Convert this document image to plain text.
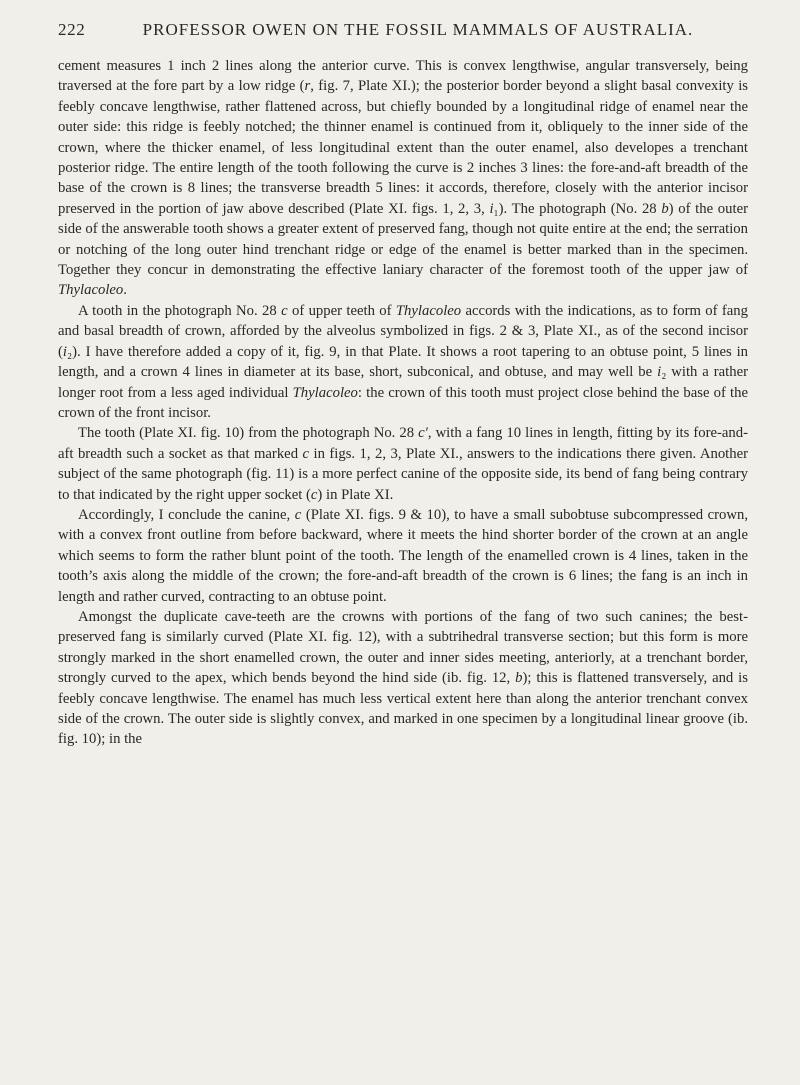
222	PROFESSOR OWEN ON THE FOSSIL MAMMALS OF AUSTRALIA.

cement measures 1 inch 2 lines along the anterior curve. This is convex lengthwise, angular transversely, being traversed at the fore part by a low ridge (r, fig. 7, Plate XI.); the posterior border beyond a slight basal convexity is feebly concave lengthwise, rather flattened across, but chiefly bounded by a longitudinal ridge of enamel near the outer side: this ridge is feebly notched; the thinner enamel is continued from it, obliquely to the inner side of the crown, where the thicker enamel, of less longitudinal extent than the outer enamel, also developes a trenchant posterior ridge. The entire length of the tooth following the curve is 2 inches 3 lines: the fore-and-aft breadth of the base of the crown is 8 lines; the transverse breadth 5 lines: it accords, therefore, closely with the anterior incisor preserved in the portion of jaw above described (Plate XI. figs. 1, 2, 3, i₁). The photograph (No. 28 b) of the outer side of the answerable tooth shows a greater extent of preserved fang, though not quite entire at the end; the serration or notching of the long outer hind trenchant ridge or edge of the enamel is better marked than in the specimen. Together they concur in demonstrating the effective laniary character of the foremost tooth of the upper jaw of Thylacoleo.

A tooth in the photograph No. 28 c of upper teeth of Thylacoleo accords with the indications, as to form of fang and basal breadth of crown, afforded by the alveolus symbolized in figs. 2 & 3, Plate XI., as of the second incisor (i₂). I have therefore added a copy of it, fig. 9, in that Plate. It shows a root tapering to an obtuse point, 5 lines in length, and a crown 4 lines in diameter at its base, short, subconical, and obtuse, and may well be i₂ with a rather longer root from a less aged individual Thylacoleo: the crown of this tooth must project close behind the base of the crown of the front incisor.

The tooth (Plate XI. fig. 10) from the photograph No. 28 c′, with a fang 10 lines in length, fitting by its fore-and-aft breadth such a socket as that marked c in figs. 1, 2, 3, Plate XI., answers to the indications there given. Another subject of the same photograph (fig. 11) is a more perfect canine of the opposite side, its bend of fang being contrary to that indicated by the right upper socket (c) in Plate XI.

Accordingly, I conclude the canine, c (Plate XI. figs. 9 & 10), to have a small subobtuse subcompressed crown, with a convex front outline from before backward, where it meets the hind shorter border of the crown at an angle which seems to form the rather blunt point of the tooth. The length of the enamelled crown is 4 lines, taken in the tooth’s axis along the middle of the crown; the fore-and-aft breadth of the crown is 6 lines; the fang is an inch in length and rather curved, contracting to an obtuse point.

Amongst the duplicate cave-teeth are the crowns with portions of the fang of two such canines; the best-preserved fang is similarly curved (Plate XI. fig. 12), with a subtrihedral transverse section; but this form is more strongly marked in the short enamelled crown, the outer and inner sides meeting, anteriorly, at a trenchant border, strongly curved to the apex, which bends beyond the hind side (ib. fig. 12, b); this is flattened transversely, and is feebly concave lengthwise. The enamel has much less vertical extent here than along the anterior trenchant convex side of the crown. The outer side is slightly convex, and marked in one specimen by a longitudinal linear groove (ib. fig. 10); in the
